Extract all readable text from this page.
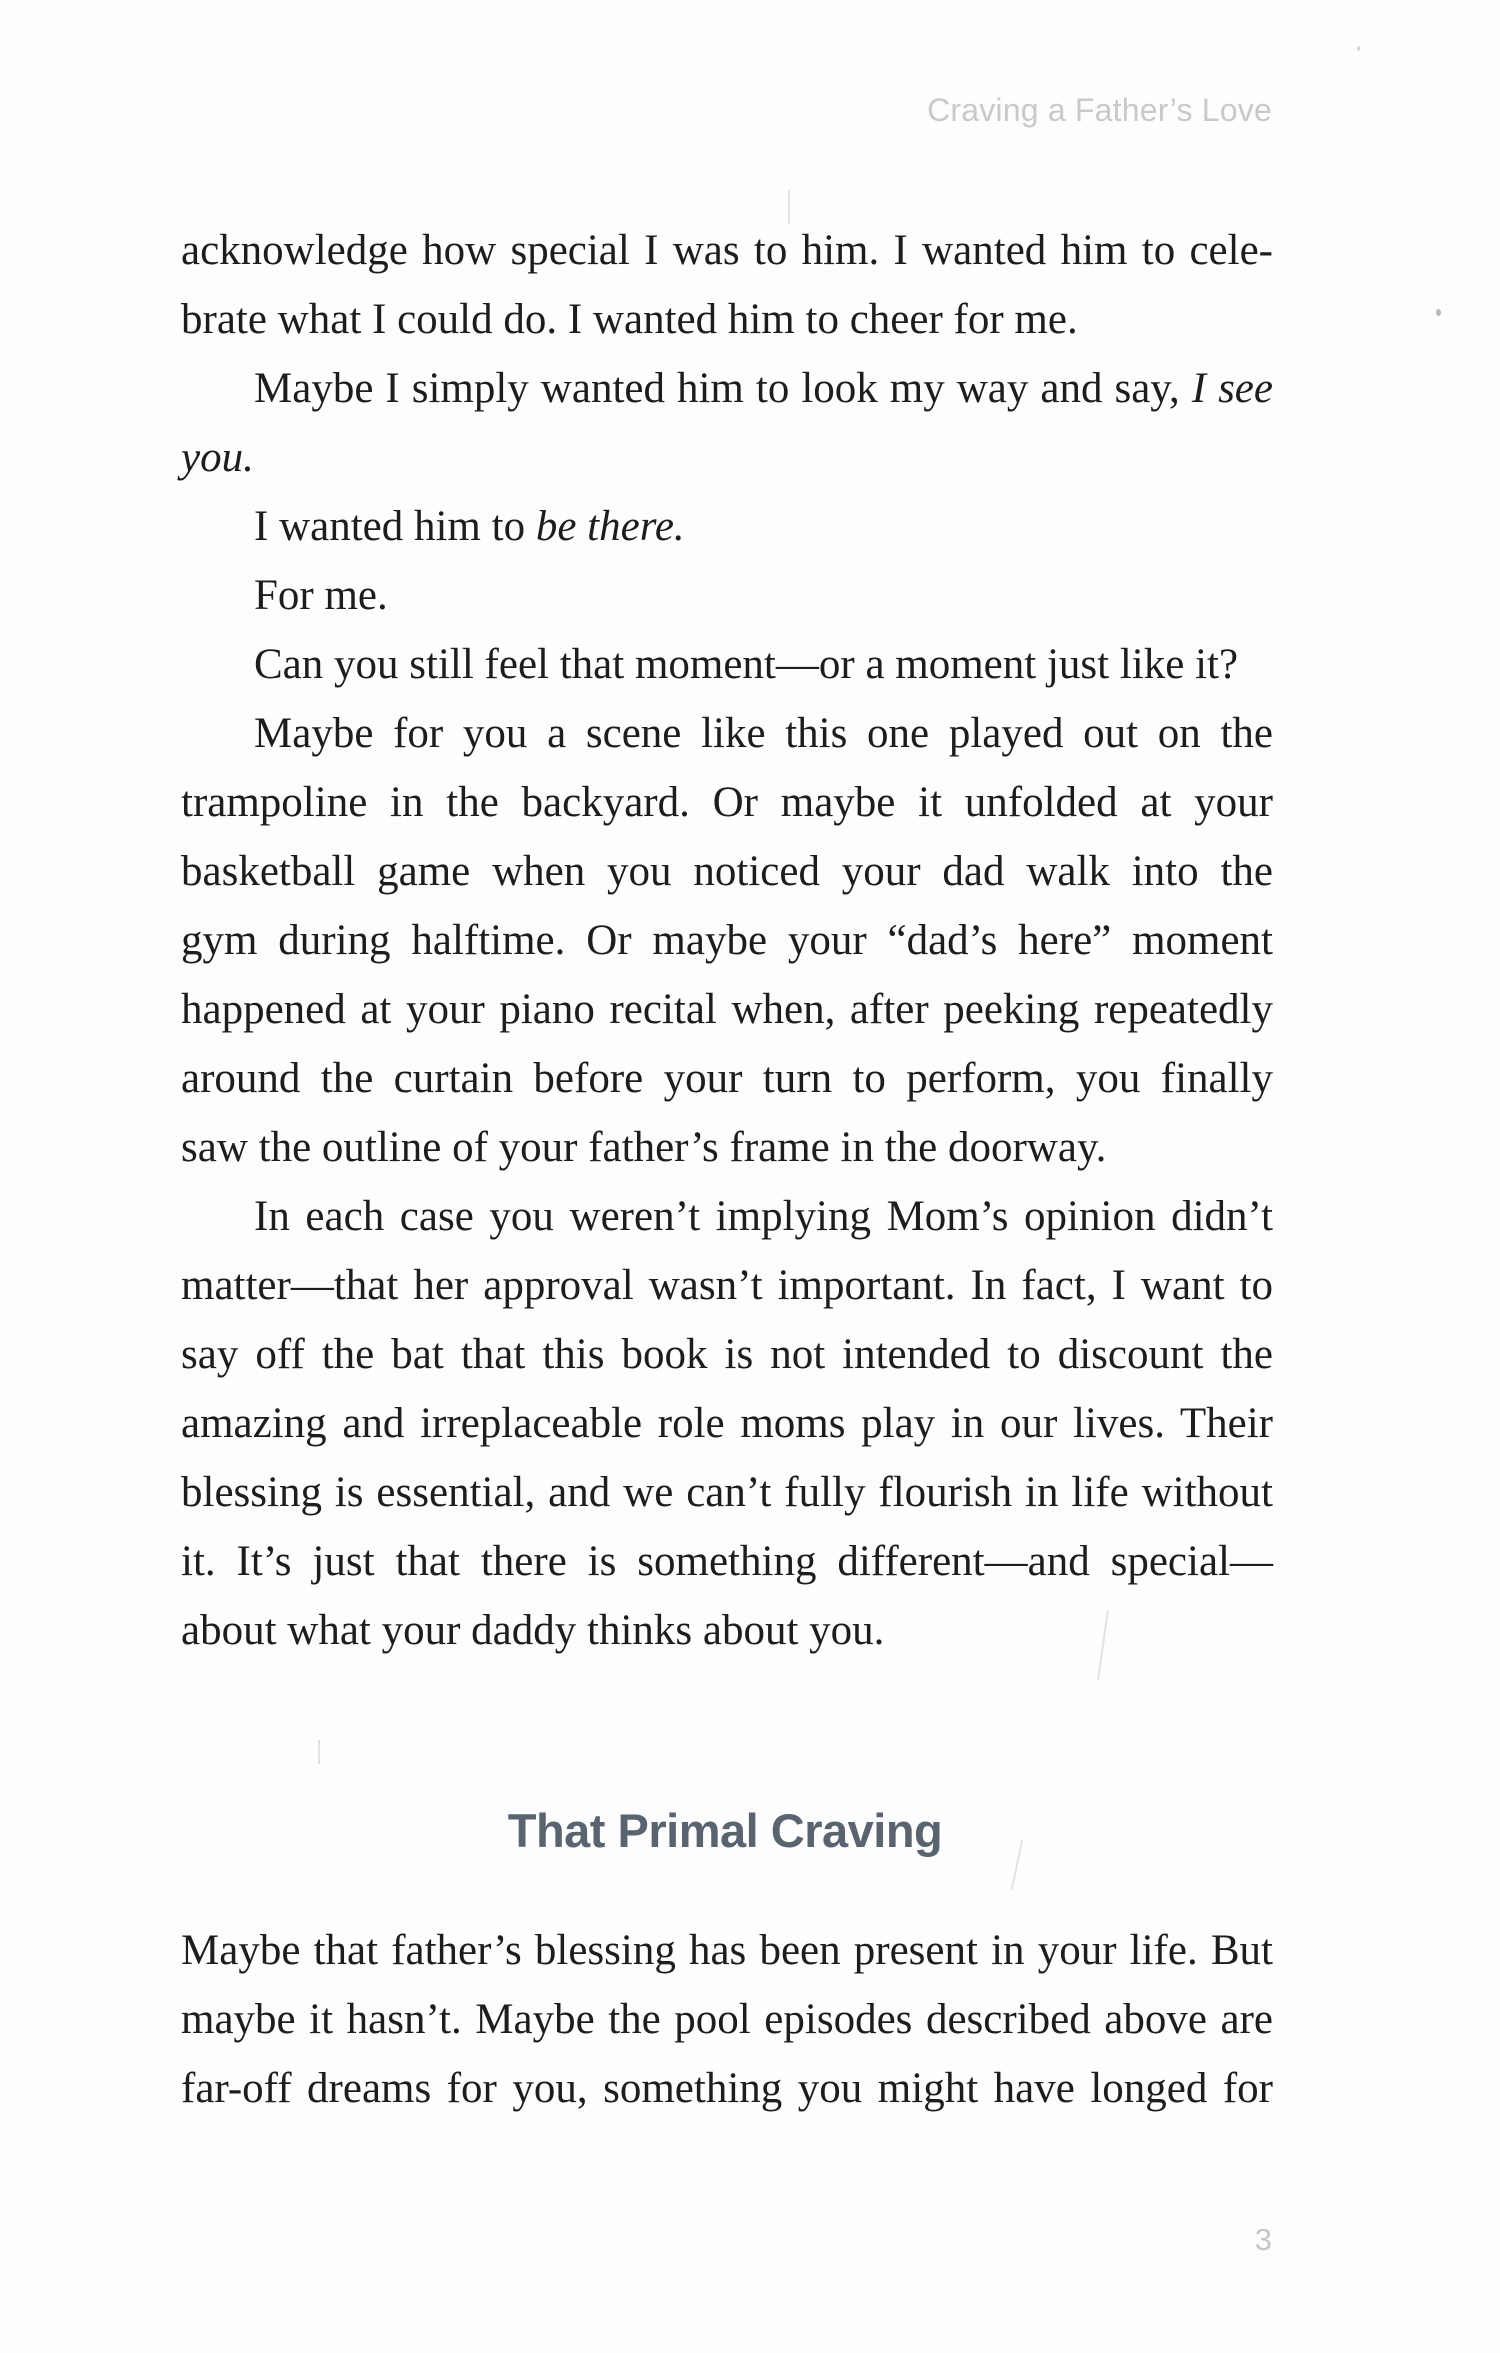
Craving a Father’s Love

acknowledge how special I was to him. I wanted him to cele-

brate what I could do. I wanted him to cheer for me.

Maybe I simply wanted him to look my way and say, I see

you.

I wanted him to be there.

For me.

Can you still feel that moment—or a moment just like it?

Maybe for you a scene like this one played out on the

trampoline in the backyard. Or maybe it unfolded at your

basketball game when you noticed your dad walk into the

gym during halftime. Or maybe your “dad’s here” moment

happened at your piano recital when, after peeking repeatedly

around the curtain before your turn to perform, you finally

saw the outline of your father’s frame in the doorway.

In each case you weren’t implying Mom’s opinion didn’t

matter—that her approval wasn’t important. In fact, I want to

say off the bat that this book is not intended to discount the

amazing and irreplaceable role moms play in our lives. Their

blessing is essential, and we can’t fully flourish in life without

it. It’s just that there is something different—and special—

about what your daddy thinks about you.

That Primal Craving

Maybe that father’s blessing has been present in your life. But

maybe it hasn’t. Maybe the pool episodes described above are

far-off dreams for you, something you might have longed for

3
